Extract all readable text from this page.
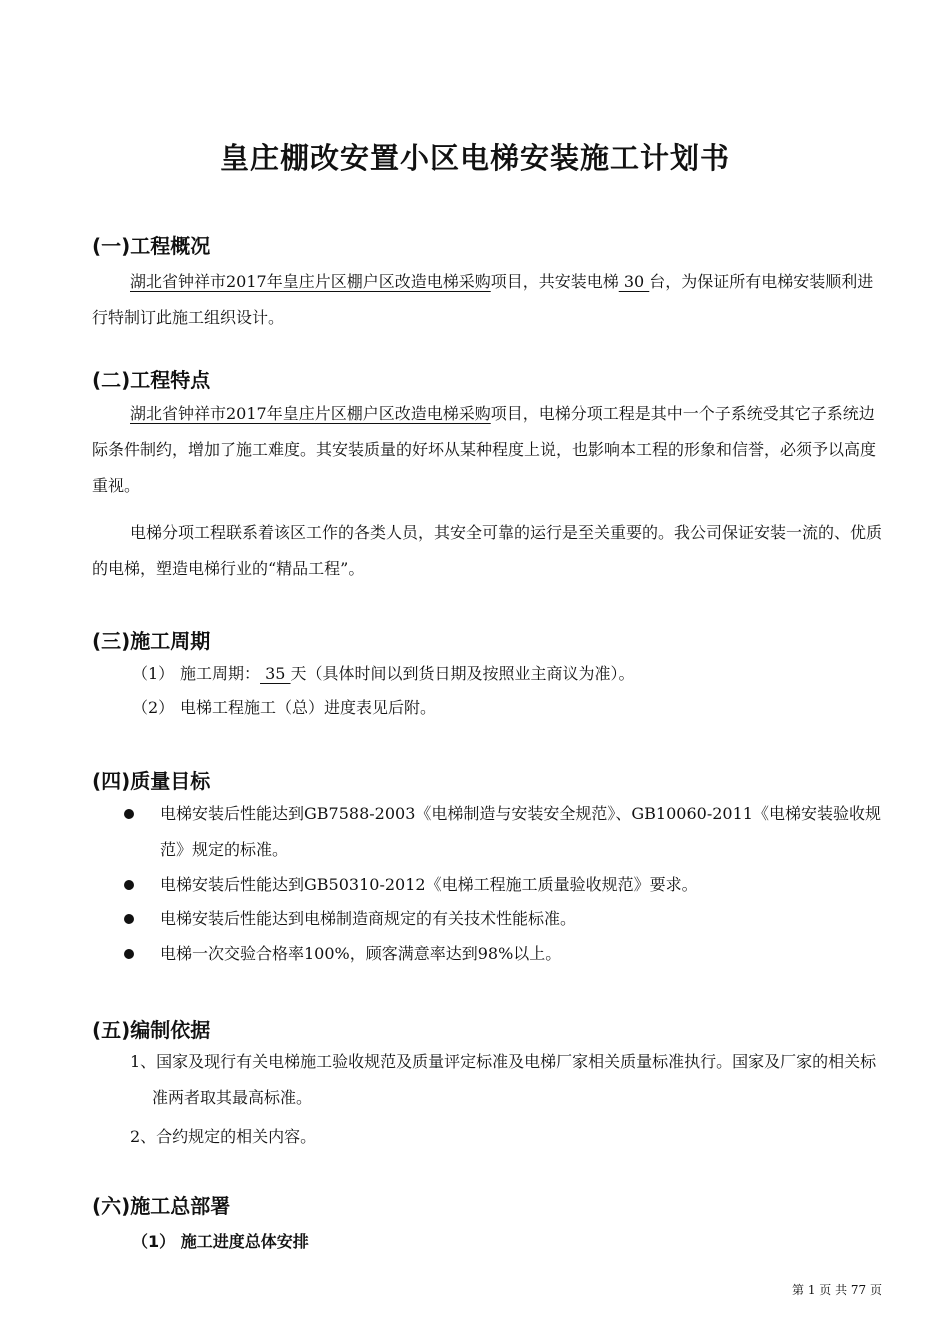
皇庄棚改安置小区电梯安装施工计划书
(一)工程概况
湖北省钟祥市2017年皇庄片区棚户区改造电梯采购项目，共安装电梯 30 台，为保证所有电梯安装顺利进行特制订此施工组织设计。
(二)工程特点
湖北省钟祥市2017年皇庄片区棚户区改造电梯采购项目，电梯分项工程是其中一个子系统受其它子系统边际条件制约，增加了施工难度。其安装质量的好坏从某种程度上说，也影响本工程的形象和信誉，必须予以高度重视。
电梯分项工程联系着该区工作的各类人员，其安全可靠的运行是至关重要的。我公司保证安装一流的、优质的电梯，塑造电梯行业的“精品工程”。
(三)施工周期
（1） 施工周期： 35 天（具体时间以到货日期及按照业主商议为准）。
（2） 电梯工程施工（总）进度表见后附。
(四)质量目标
电梯安装后性能达到GB7588-2003《电梯制造与安装安全规范》、GB10060-2011《电梯安装验收规范》规定的标准。
电梯安装后性能达到GB50310-2012《电梯工程施工质量验收规范》要求。
电梯安装后性能达到电梯制造商规定的有关技术性能标准。
电梯一次交验合格率100%，顾客满意率达到98%以上。
(五)编制依据
1、国家及现行有关电梯施工验收规范及质量评定标准及电梯厂家相关质量标准执行。国家及厂家的相关标准两者取其最高标准。
2、合约规定的相关内容。
(六)施工总部署
（1） 施工进度总体安排
第 1 页 共 77 页
